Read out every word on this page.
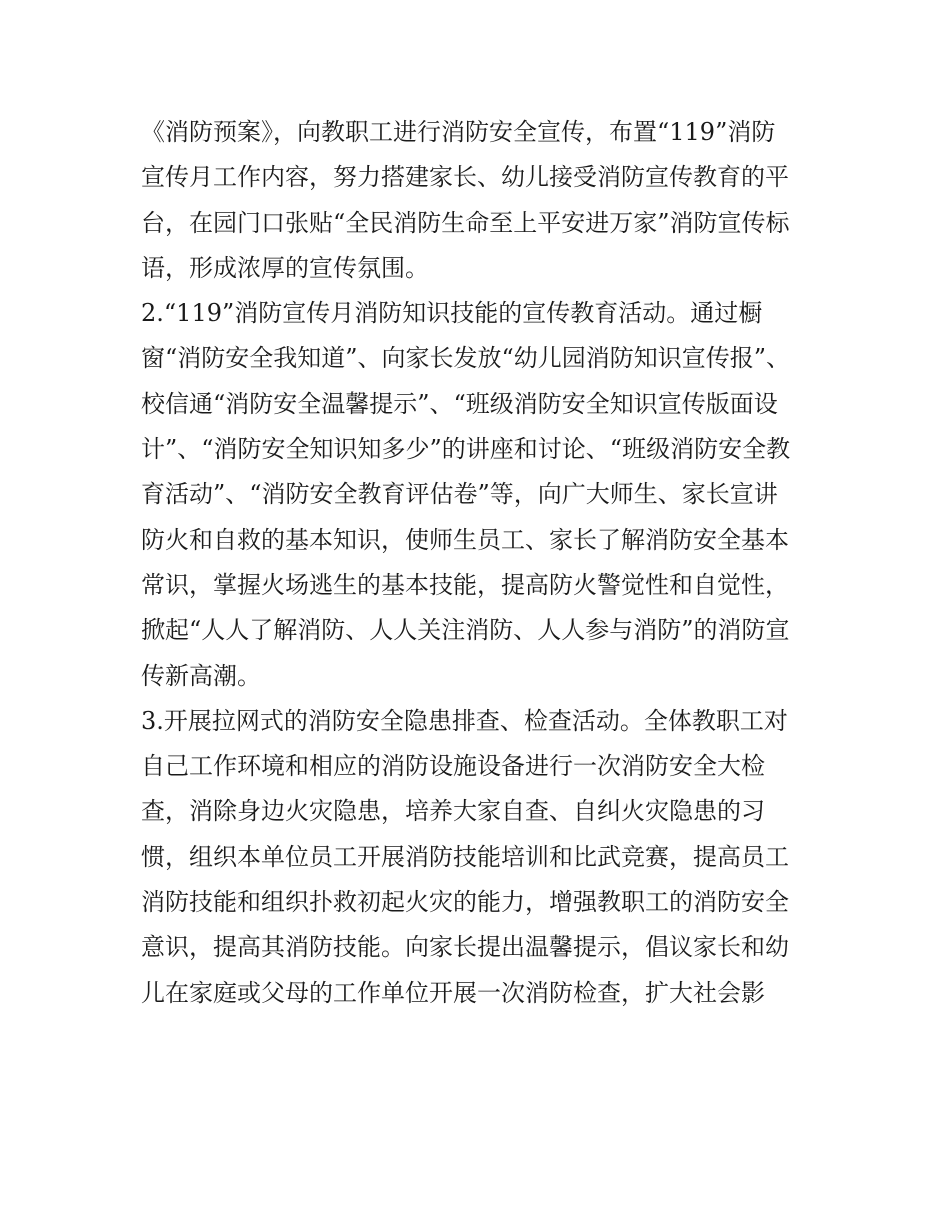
《消防预案》，向教职工进行消防安全宣传，布置“119”消防
宣传月工作内容，努力搭建家长、幼儿接受消防宣传教育的平
台，在园门口张贴“全民消防生命至上平安进万家”消防宣传标
语，形成浓厚的宣传氛围。
2.“119”消防宣传月消防知识技能的宣传教育活动。通过橱
窗“消防安全我知道”、向家长发放“幼儿园消防知识宣传报”、
校信通“消防安全温馨提示”、“班级消防安全知识宣传版面设
计”、“消防安全知识知多少”的讲座和讨论、“班级消防安全教
育活动”、“消防安全教育评估卷”等，向广大师生、家长宣讲
防火和自救的基本知识，使师生员工、家长了解消防安全基本
常识，掌握火场逃生的基本技能，提高防火警觉性和自觉性，
掀起“人人了解消防、人人关注消防、人人参与消防”的消防宣
传新高潮。
3.开展拉网式的消防安全隐患排查、检查活动。全体教职工对
自己工作环境和相应的消防设施设备进行一次消防安全大检
查，消除身边火灾隐患，培养大家自查、自纠火灾隐患的习
惯，组织本单位员工开展消防技能培训和比武竞赛，提高员工
消防技能和组织扑救初起火灾的能力，增强教职工的消防安全
意识，提高其消防技能。向家长提出温馨提示，倡议家长和幼
儿在家庭或父母的工作单位开展一次消防检查，扩大社会影
